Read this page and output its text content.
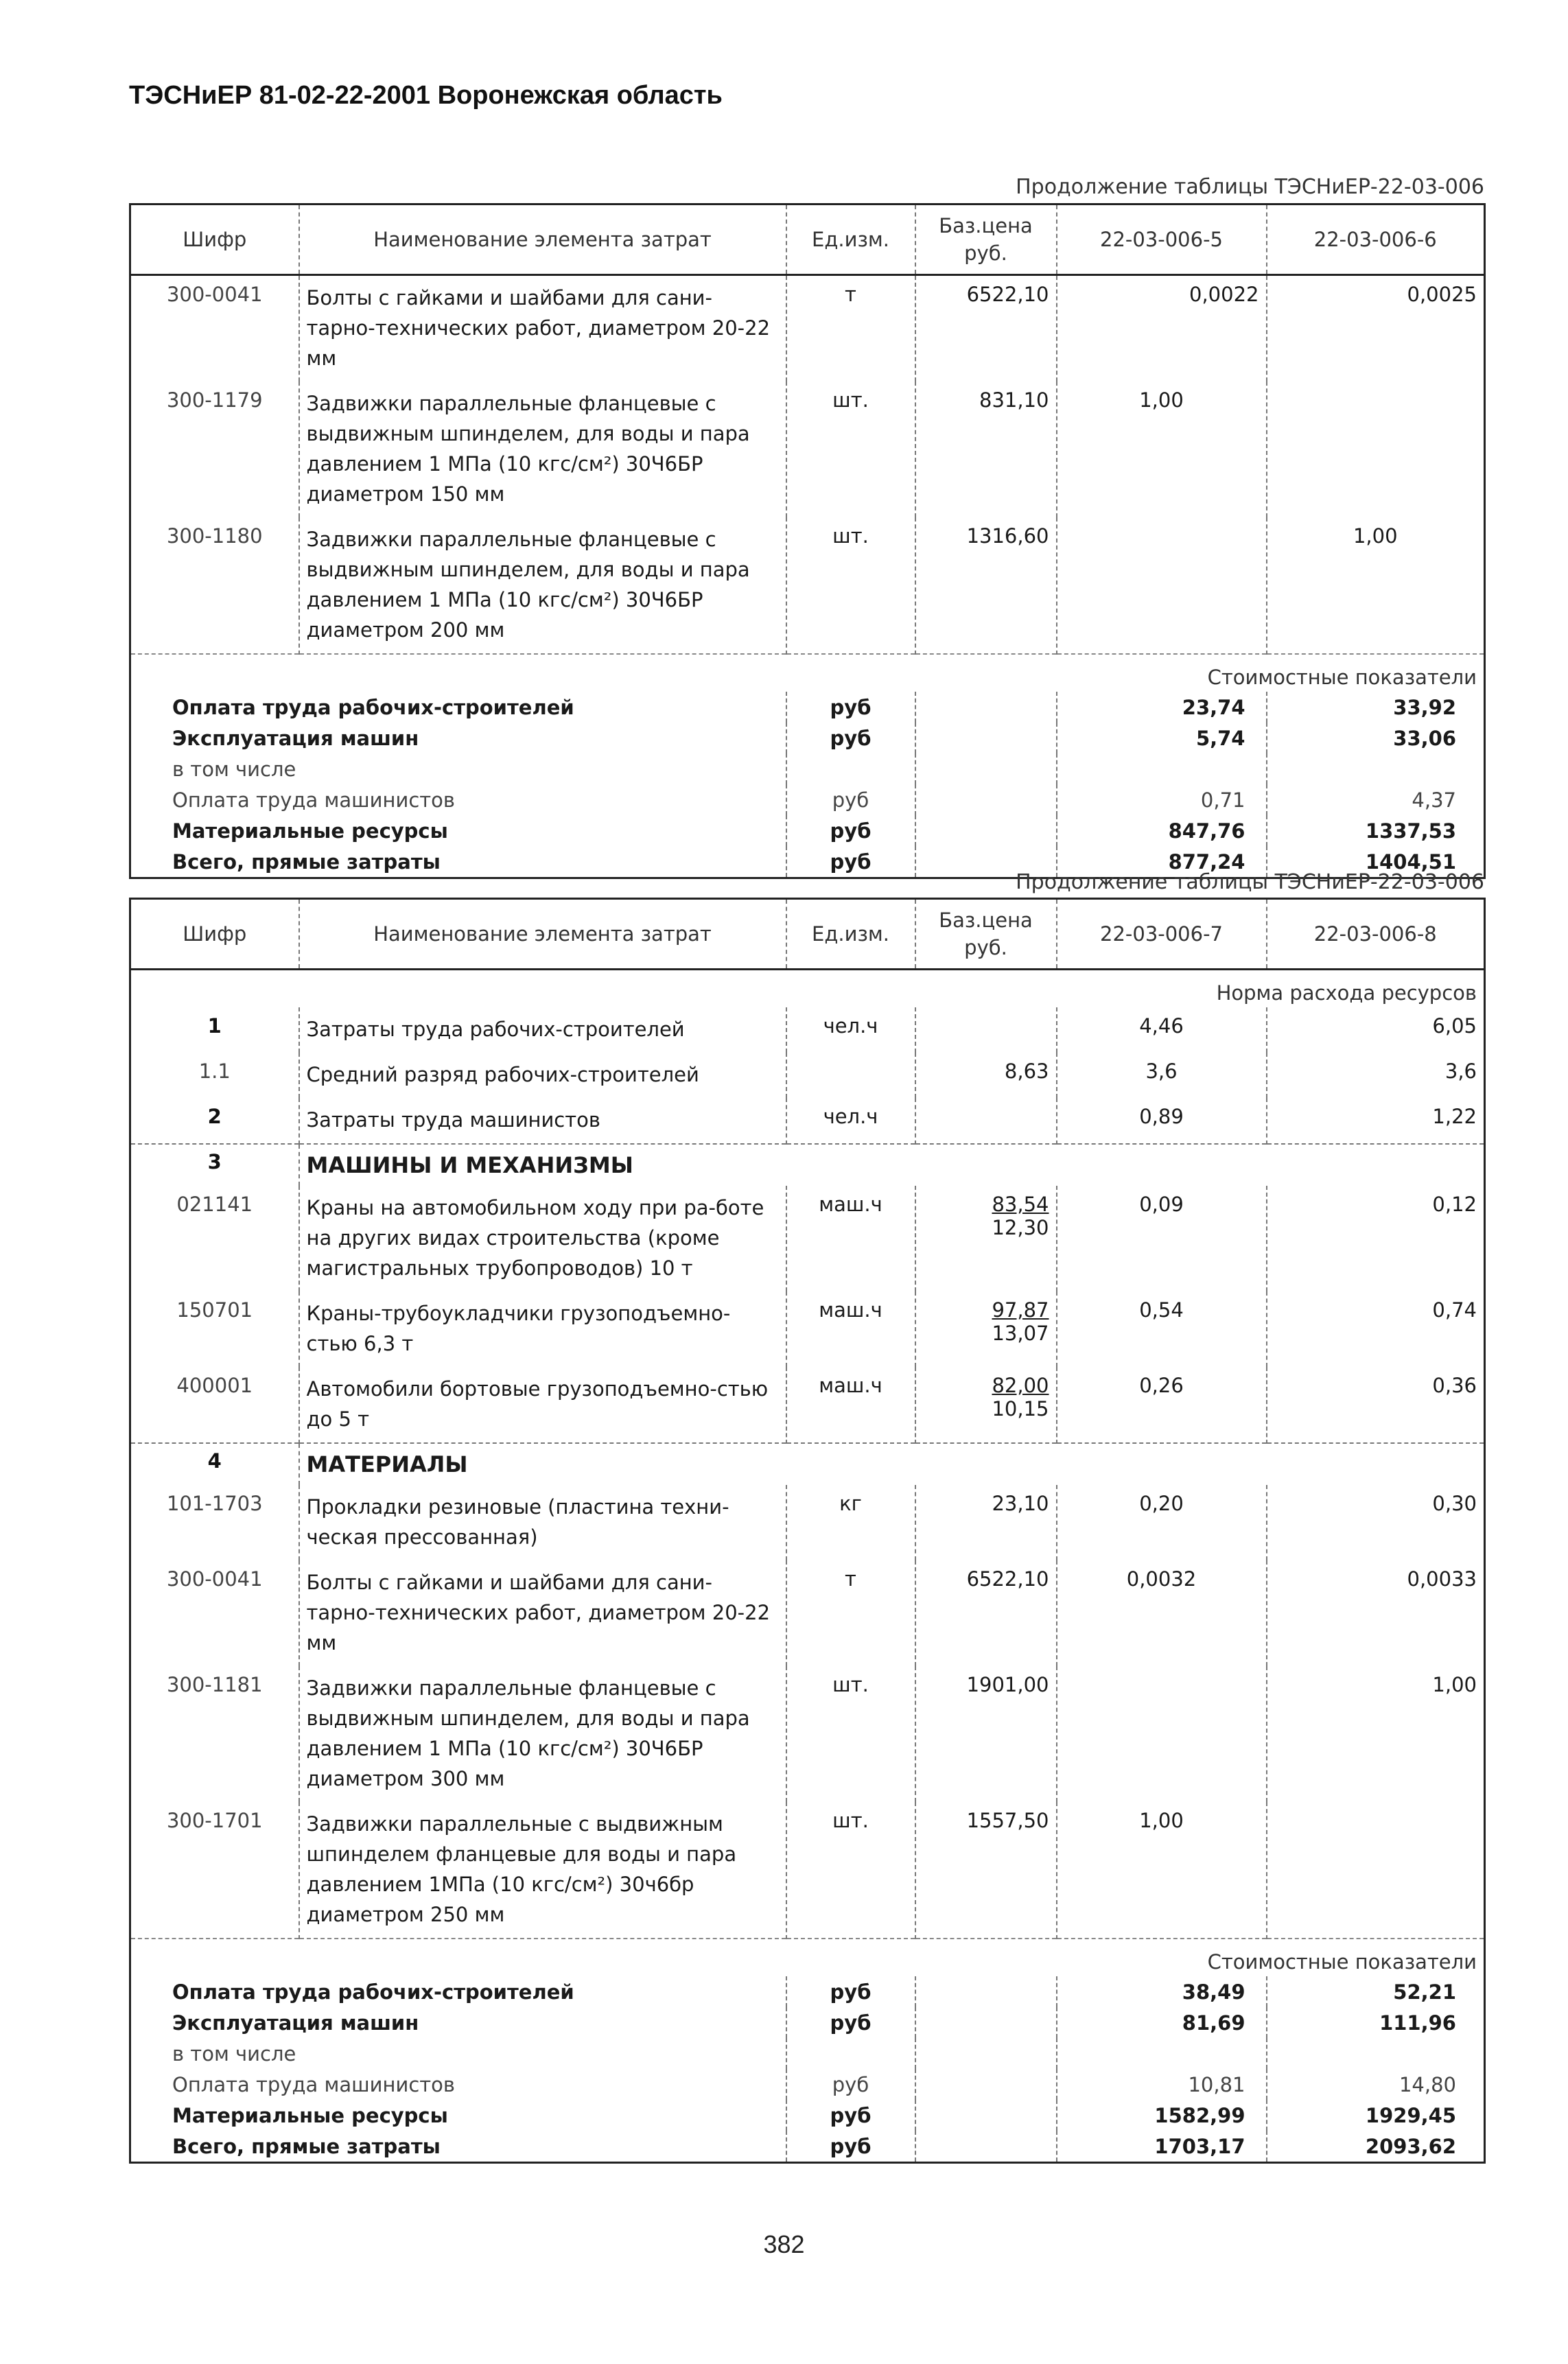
ТЭСНиЕР 81-02-22-2001 Воронежская область
Продолжение таблицы ТЭСНиЕР-22-03-006
Шифр	Наименование элемента затрат	Ед.изм.	Баз.цена руб.	22-03-006-5	22-03-006-6
300-0041	Болты с гайками и шайбами для сани-тарно-технических работ, диаметром 20-22 мм	т	6522,10	0,0022	0,0025
300-1179	Задвижки параллельные фланцевые с выдвижным шпинделем, для воды и пара давлением 1 МПа (10 кгс/см²) 30Ч6БР диаметром 150 мм	шт.	831,10	1,00	
300-1180	Задвижки параллельные фланцевые с выдвижным шпинделем, для воды и пара давлением 1 МПа (10 кгс/см²) 30Ч6БР диаметром 200 мм	шт.	1316,60		1,00
Стоимостные показатели					
Оплата труда рабочих-строителей		руб		23,74	33,92
Эксплуатация машин		руб		5,74	33,06
в том числе					
Оплата труда машинистов		руб		0,71	4,37
Материальные ресурсы		руб		847,76	1337,53
Всего, прямые затраты		руб		877,24	1404,51
Продолжение таблицы ТЭСНиЕР-22-03-006
Шифр	Наименование элемента затрат	Ед.изм.	Баз.цена руб.	22-03-006-7	22-03-006-8
Норма расхода ресурсов					
1	Затраты труда рабочих-строителей	чел.ч		4,46	6,05
1.1	Средний разряд рабочих-строителей		8,63	3,6	3,6
2	Затраты труда машинистов	чел.ч		0,89	1,22
3	МАШИНЫ И МЕХАНИЗМЫ				
021141	Краны на автомобильном ходу при ра-боте на других видах строительства (кроме магистральных трубопроводов) 10 т	маш.ч	$\frac{83,54}{12,30}$	0,09	0,12
150701	Краны-трубоукладчики грузоподъемно-стью 6,3 т	маш.ч	$\frac{97,87}{13,07}$	0,54	0,74
400001	Автомобили бортовые грузоподъемно-стью до 5 т	маш.ч	$\frac{82,00}{10,15}$	0,26	0,36
4	МАТЕРИАЛЫ				
101-1703	Прокладки резиновые (пластина техни-ческая прессованная)	кг	23,10	0,20	0,30
300-0041	Болты с гайками и шайбами для сани-тарно-технических работ, диаметром 20-22 мм	т	6522,10	0,0032	0,0033
300-1181	Задвижки параллельные фланцевые с выдвижным шпинделем, для воды и пара давлением 1 МПа (10 кгс/см²) 30Ч6БР диаметром 300 мм	шт.	1901,00		1,00
300-1701	Задвижки параллельные с выдвижным шпинделем фланцевые для воды и пара давлением 1МПа (10 кгс/см²) 30ч6бр диаметром 250 мм	шт.	1557,50	1,00	
Стоимостные показатели					
Оплата труда рабочих-строителей		руб		38,49	52,21
Эксплуатация машин		руб		81,69	111,96
в том числе					
Оплата труда машинистов		руб		10,81	14,80
Материальные ресурсы		руб		1582,99	1929,45
Всего, прямые затраты		руб		1703,17	2093,62
382
